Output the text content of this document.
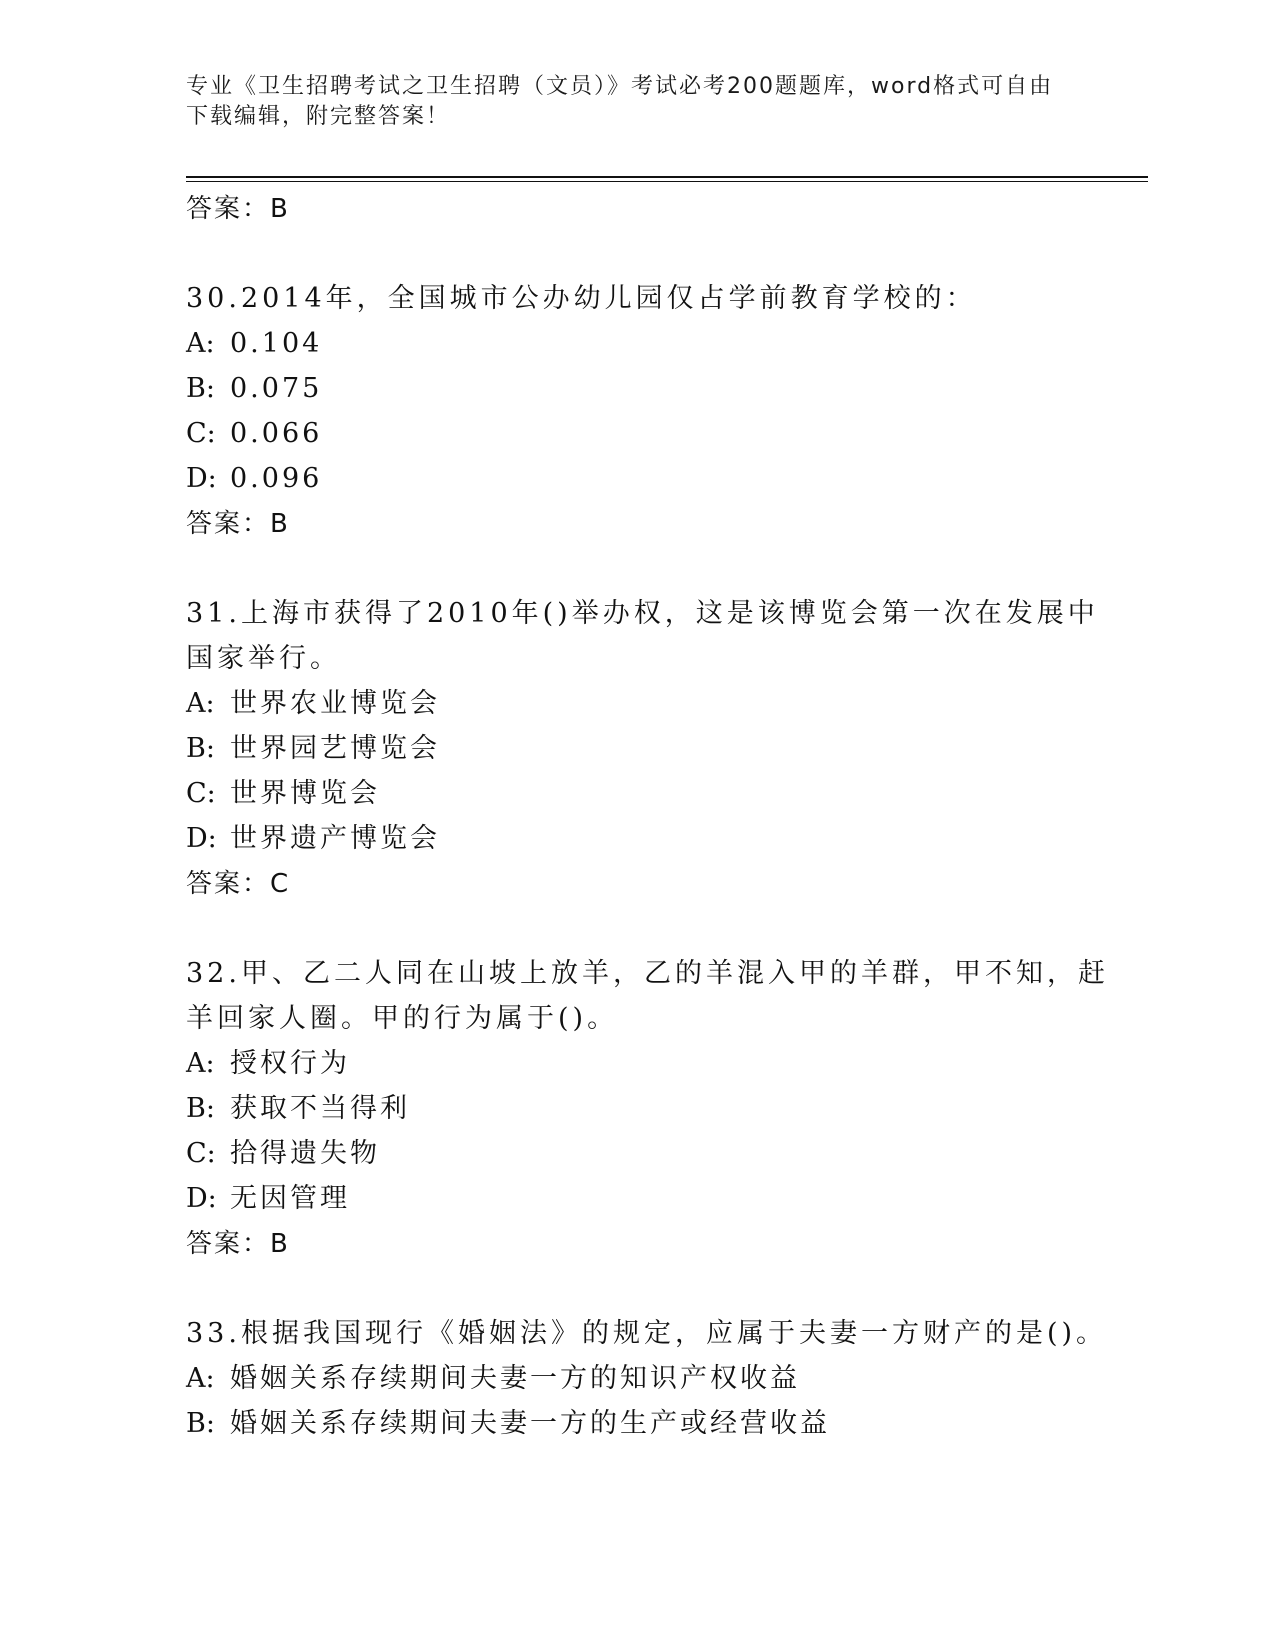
专业《卫生招聘考试之卫生招聘（文员）》考试必考200题题库，word格式可自由下载编辑，附完整答案！
答案：B
30.2014年，全国城市公办幼儿园仅占学前教育学校的：
A: 0.104
B: 0.075
C: 0.066
D: 0.096
答案：B
31.上海市获得了2010年()举办权，这是该博览会第一次在发展中国家举行。
A: 世界农业博览会
B: 世界园艺博览会
C: 世界博览会
D: 世界遗产博览会
答案：C
32.甲、乙二人同在山坡上放羊，乙的羊混入甲的羊群，甲不知，赶羊回家人圈。甲的行为属于()。
A: 授权行为
B: 获取不当得利
C: 拾得遗失物
D: 无因管理
答案：B
33.根据我国现行《婚姻法》的规定，应属于夫妻一方财产的是()。
A: 婚姻关系存续期间夫妻一方的知识产权收益
B: 婚姻关系存续期间夫妻一方的生产或经营收益
